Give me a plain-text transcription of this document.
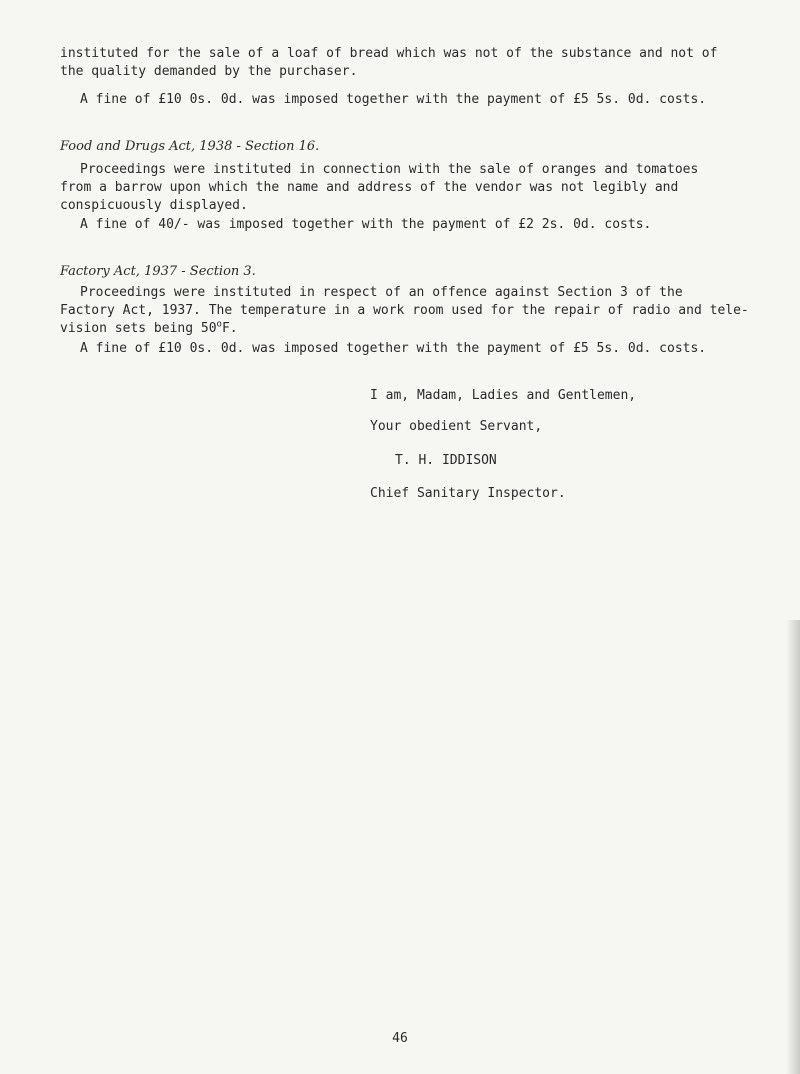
instituted for the sale of a loaf of bread which was not of the substance and not of
the quality demanded by the purchaser.

A fine of £10 0s. 0d. was imposed together with the payment of £5 5s. 0d. costs.

Food and Drugs Act, 1938 - Section 16.

Proceedings were instituted in connection with the sale of oranges and tomatoes
from a barrow upon which the name and address of the vendor was not legibly and
conspicuously displayed.

A fine of 40/- was imposed together with the payment of £2 2s. 0d. costs.

Factory Act, 1937 - Section 3.

Proceedings were instituted in respect of an offence against Section 3 of the
Factory Act, 1937. The temperature in a work room used for the repair of radio and tele-
vision sets being 50$^o$F.

A fine of £10 0s. 0d. was imposed together with the payment of £5 5s. 0d. costs.

I am, Madam, Ladies and Gentlemen,

Your obedient Servant,

T. H. IDDISON

Chief Sanitary Inspector.

46
